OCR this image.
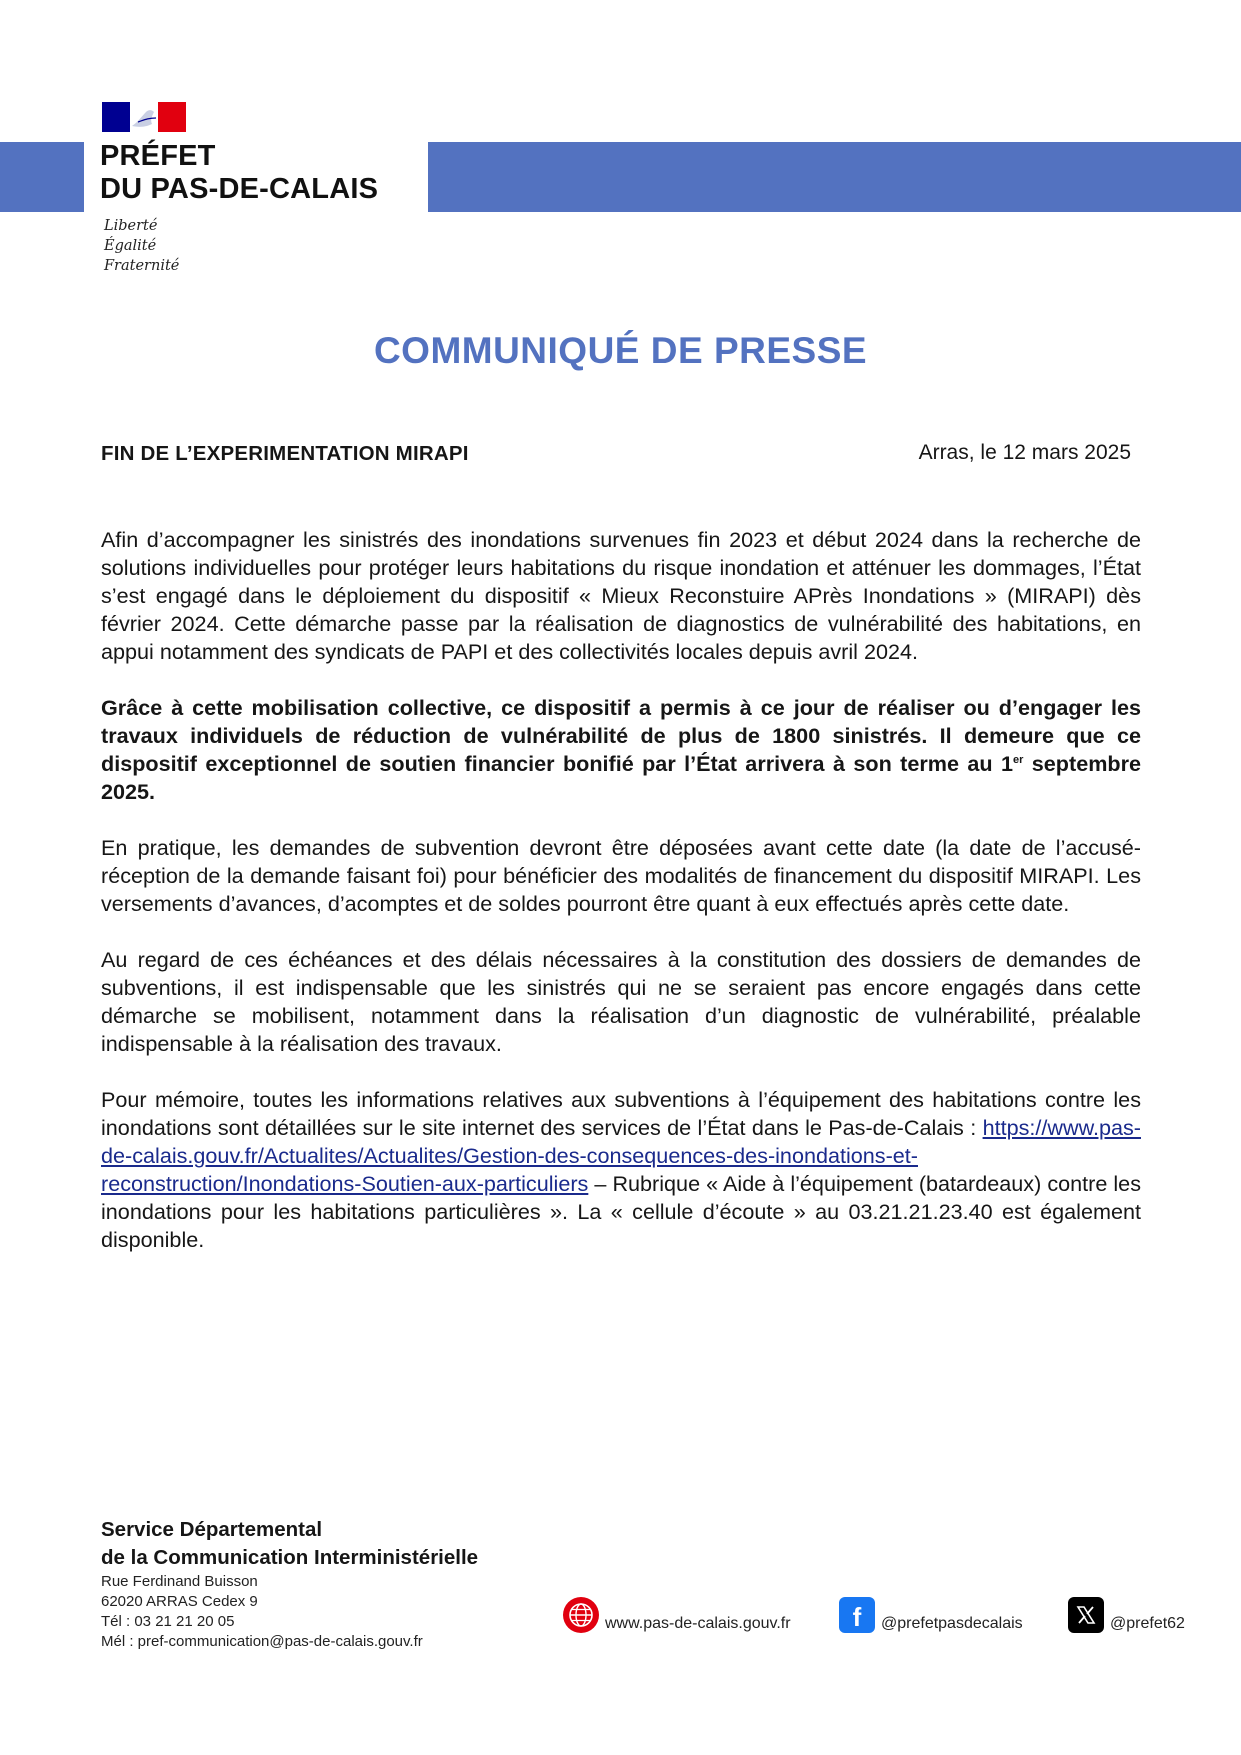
PRÉFET
DU PAS-DE-CALAIS
Liberté
Égalité
Fraternité
COMMUNIQUÉ DE PRESSE
FIN DE L’EXPERIMENTATION MIRAPI	Arras, le 12 mars 2025

Afin d’accompagner les sinistrés des inondations survenues fin 2023 et début 2024 dans la recherche de solutions individuelles pour protéger leurs habitations du risque inondation et atténuer les dommages, l’État s’est engagé dans le déploiement du dispositif « Mieux Reconstuire APrès Inondations » (MIRAPI) dès février 2024. Cette démarche passe par la réalisation de diagnostics de vulnérabilité des habitations, en appui notamment des syndicats de PAPI et des collectivités locales depuis avril 2024.

Grâce à cette mobilisation collective, ce dispositif a permis à ce jour de réaliser ou d’engager les travaux individuels de réduction de vulnérabilité de plus de 1800 sinistrés. Il demeure que ce dispositif exceptionnel de soutien financier bonifié par l’État arrivera à son terme au 1er septembre 2025.

En pratique, les demandes de subvention devront être déposées avant cette date (la date de l’accusé-réception de la demande faisant foi) pour bénéficier des modalités de financement du dispositif MIRAPI. Les versements d’avances, d’acomptes et de soldes pourront être quant à eux effectués après cette date.

Au regard de ces échéances et des délais nécessaires à la constitution des dossiers de demandes de subventions, il est indispensable que les sinistrés qui ne se seraient pas encore engagés dans cette démarche se mobilisent, notamment dans la réalisation d’un diagnostic de vulnérabilité, préalable indispensable à la réalisation des travaux.

Pour mémoire, toutes les informations relatives aux subventions à l’équipement des habitations contre les inondations sont détaillées sur le site internet des services de l’État dans le Pas-de-Calais : https://www.pas-de-calais.gouv.fr/Actualites/Actualites/Gestion-des-consequences-des-inondations-et-reconstruction/Inondations-Soutien-aux-particuliers – Rubrique « Aide à l’équipement (batardeaux) contre les inondations pour les habitations particulières ». La « cellule d’écoute » au 03.21.21.23.40 est également disponible.

Service Départemental
de la Communication Interministérielle
Rue Ferdinand Buisson
62020 ARRAS Cedex 9
Tél : 03 21 21 20 05
Mél : pref-communication@pas-de-calais.gouv.fr
www.pas-de-calais.gouv.fr f @prefetpasdecalais	@prefet62
